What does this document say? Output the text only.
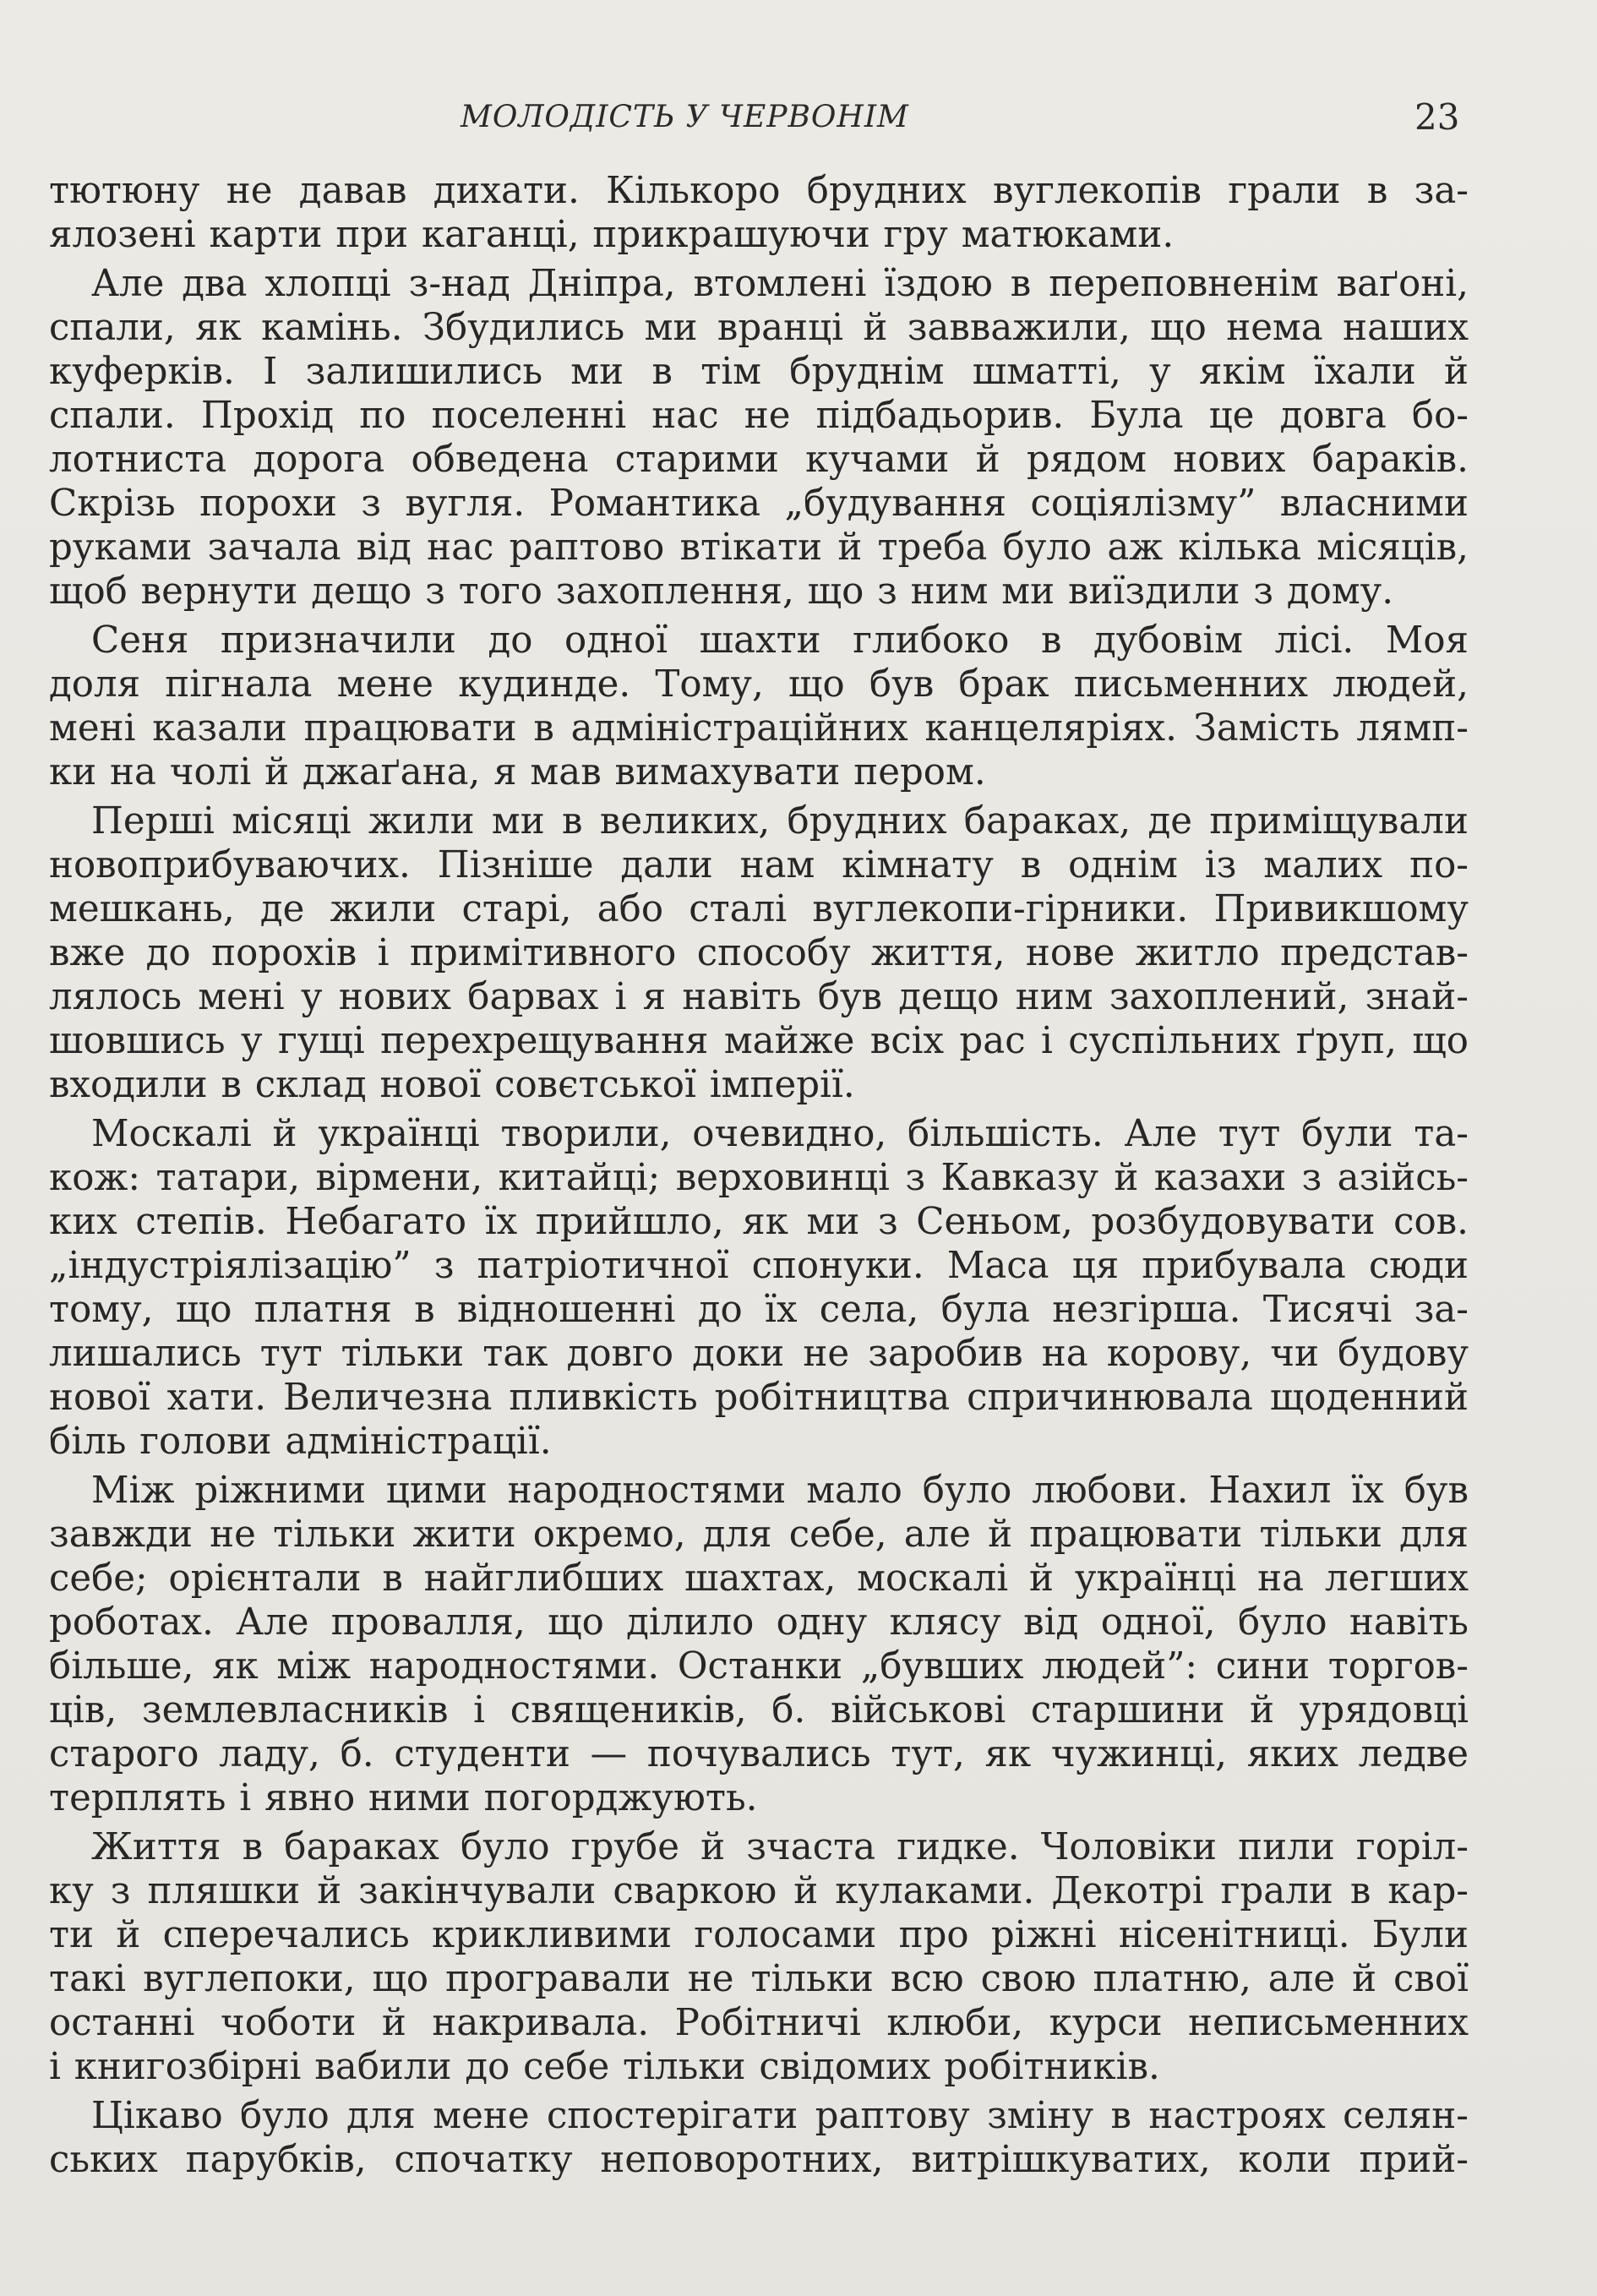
МОЛОДІСТЬ У ЧЕРВОНІМ	23
тютюну не давав дихати. Кількоро брудних вуглекопів грали в за-
ялозені карти при каганці, прикрашуючи гру матюками.
Але два хлопці з-над Дніпра, втомлені їздою в переповненім ваґоні,
спали, як камінь. Збудились ми вранці й завважили, що нема наших
куферків. І залишились ми в тім бруднім шматті, у якім їхали й
спали. Прохід по поселенні нас не підбадьорив. Була це довга бо-
лотниста дорога обведена старими кучами й рядом нових бараків.
Скрізь порохи з вугля. Романтика „будування соціялізму” власними
руками зачала від нас раптово втікати й треба було аж кілька місяців,
щоб вернути дещо з того захоплення, що з ним ми виїздили з дому.
Сеня призначили до одної шахти глибоко в дубовім лісі. Моя
доля пігнала мене кудинде. Тому, що був брак письменних людей,
мені казали працювати в адміністраційних канцеляріях. Замість лямп-
ки на чолі й джаґана, я мав вимахувати пером.
Перші місяці жили ми в великих, брудних бараках, де приміщували
новоприбуваючих. Пізніше дали нам кімнату в однім із малих по-
мешкань, де жили старі, або сталі вуглекопи-гірники. Привикшому
вже до порохів і примітивного способу життя, нове житло представ-
лялось мені у нових барвах і я навіть був дещо ним захоплений, знай-
шовшись у гущі перехрещування майже всіх рас і суспільних ґруп, що
входили в склад нової совєтської імперії.
Москалі й українці творили, очевидно, більшість. Але тут були та-
кож: татари, вірмени, китайці; верховинці з Кавказу й казахи з азійсь-
ких степів. Небагато їх прийшло, як ми з Сеньом, розбудовувати сов.
„індустріялізацію” з патріотичної спонуки. Маса ця прибувала сюди
тому, що платня в відношенні до їх села, була незгірша. Тисячі за-
лишались тут тільки так довго доки не заробив на корову, чи будову
нової хати. Величезна пливкість робітництва спричинювала щоденний
біль голови адміністрації.
Між ріжними цими народностями мало було любови. Нахил їх був
завжди не тільки жити окремо, для себе, але й працювати тільки для
себе; орієнтали в найглибших шахтах, москалі й українці на легших
роботах. Але провалля, що ділило одну клясу від одної, було навіть
більше, як між народностями. Останки „бувших людей”: сини торгов-
ців, землевласників і священиків, б. військові старшини й урядовці
старого ладу, б. студенти — почувались тут, як чужинці, яких ледве
терплять і явно ними погорджують.
Життя в бараках було грубе й зчаста гидке. Чоловіки пили горіл-
ку з пляшки й закінчували сваркою й кулаками. Декотрі грали в кар-
ти й сперечались крикливими голосами про ріжні нісенітниці. Були
такі вуглепоки, що програвали не тільки всю свою платню, але й свої
останні чоботи й накривала. Робітничі клюби, курси неписьменних
і книгозбірні вабили до себе тільки свідомих робітників.
Цікаво було для мене спостерігати раптову зміну в настроях селян-
ських парубків, спочатку неповоротних, витрішкуватих, коли прий-
